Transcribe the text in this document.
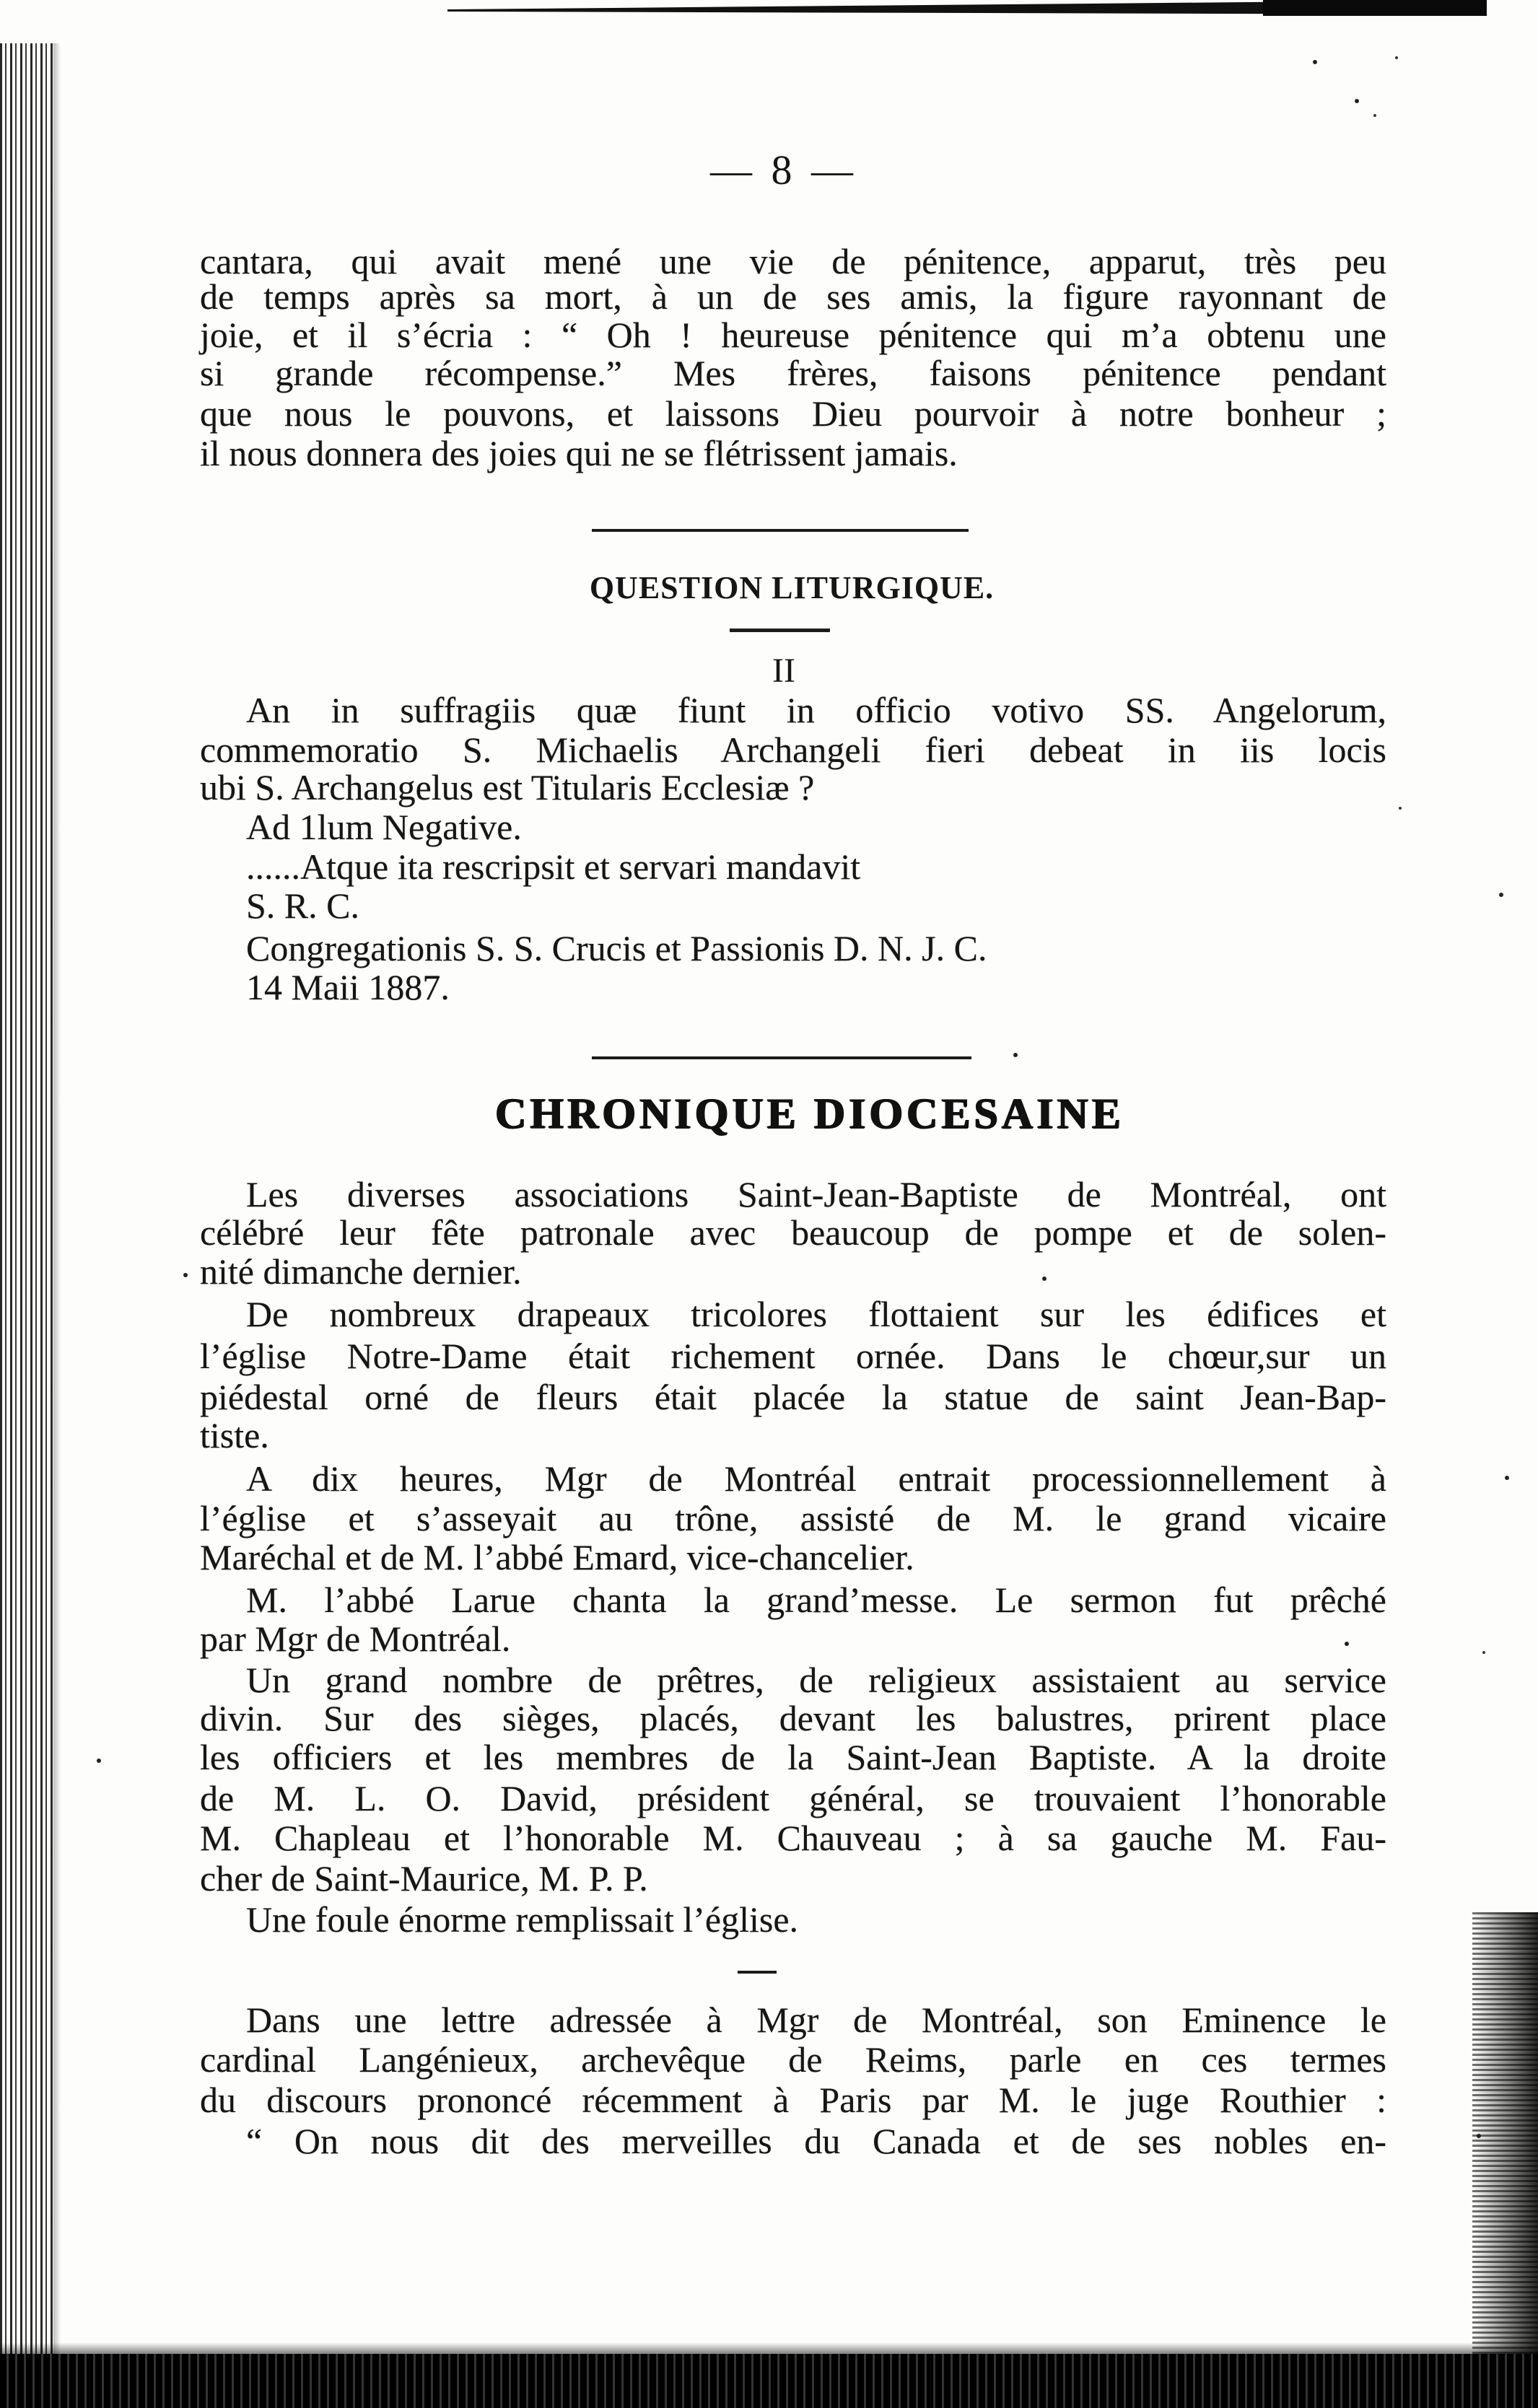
— 8 —
cantara, qui avait mené une vie de pénitence, apparut, très peu
de temps après sa mort, à un de ses amis, la figure rayonnant de
joie, et il s’écria : “ Oh ! heureuse pénitence qui m’a obtenu une
si grande récompense.” Mes frères, faisons pénitence pendant
que nous le pouvons, et laissons Dieu pourvoir à notre bonheur ;
il nous donnera des joies qui ne se flétrissent jamais.
QUESTION LITURGIQUE.
II
An in suffragiis quæ fiunt in officio votivo SS. Angelorum,
commemoratio S. Michaelis Archangeli fieri debeat in iis locis
ubi S. Archangelus est Titularis Ecclesiæ ?
Ad 1lum Negative.
......Atque ita rescripsit et servari mandavit
S. R. C.
Congregationis S. S. Crucis et Passionis D. N. J. C.
14 Maii 1887.
CHRONIQUE DIOCESAINE
Les diverses associations Saint-Jean-Baptiste de Montréal, ont
célébré leur fête patronale avec beaucoup de pompe et de solen-
nité dimanche dernier.
De nombreux drapeaux tricolores flottaient sur les édifices et
l’église Notre-Dame était richement ornée. Dans le chœur,sur un
piédestal orné de fleurs était placée la statue de saint Jean-Bap-
tiste.
A dix heures, Mgr de Montréal entrait processionnellement à
l’église et s’asseyait au trône, assisté de M. le grand vicaire
Maréchal et de M. l’abbé Emard, vice-chancelier.
M. l’abbé Larue chanta la grand’messe. Le sermon fut prêché
par Mgr de Montréal.
Un grand nombre de prêtres, de religieux assistaient au service
divin. Sur des sièges, placés, devant les balustres, prirent place
les officiers et les membres de la Saint-Jean Baptiste. A la droite
de M. L. O. David, président général, se trouvaient l’honorable
M. Chapleau et l’honorable M. Chauveau ; à sa gauche M. Fau-
cher de Saint-Maurice, M. P. P.
Une foule énorme remplissait l’église.
Dans une lettre adressée à Mgr de Montréal, son Eminence le
cardinal Langénieux, archevêque de Reims, parle en ces termes
du discours prononcé récemment à Paris par M. le juge Routhier :
“ On nous dit des merveilles du Canada et de ses nobles en-
